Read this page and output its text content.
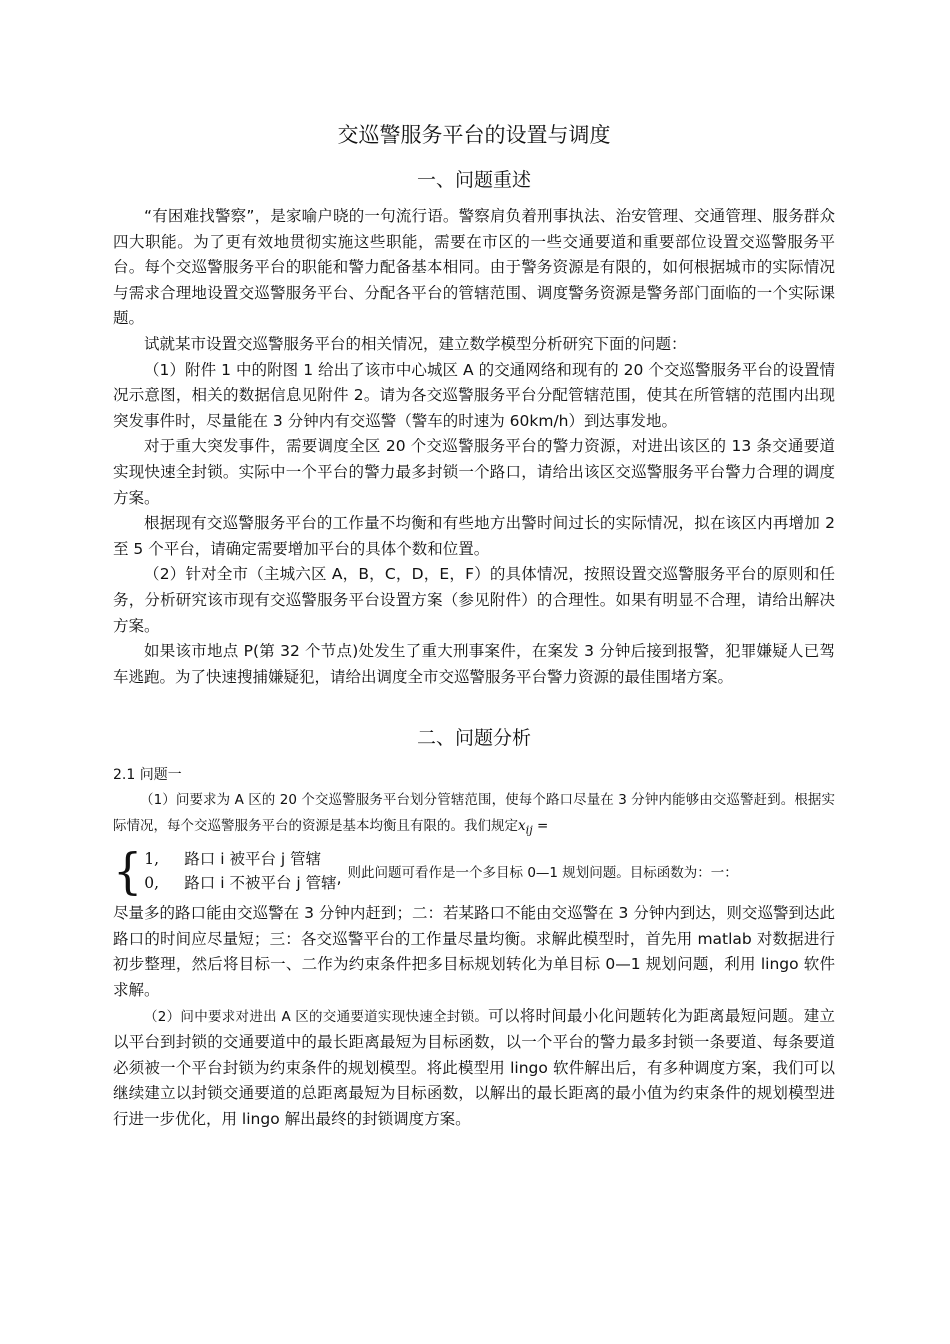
交巡警服务平台的设置与调度
一、问题重述

“有困难找警察”，是家喻户晓的一句流行语。警察肩负着刑事执法、治安管理、交通管理、服务群众四大职能。为了更有效地贯彻实施这些职能，需要在市区的一些交通要道和重要部位设置交巡警服务平台。每个交巡警服务平台的职能和警力配备基本相同。由于警务资源是有限的，如何根据城市的实际情况与需求合理地设置交巡警服务平台、分配各平台的管辖范围、调度警务资源是警务部门面临的一个实际课题。

试就某市设置交巡警服务平台的相关情况，建立数学模型分析研究下面的问题：

（1）附件 1 中的附图 1 给出了该市中心城区 A 的交通网络和现有的 20 个交巡警服务平台的设置情况示意图，相关的数据信息见附件 2。请为各交巡警服务平台分配管辖范围，使其在所管辖的范围内出现突发事件时，尽量能在 3 分钟内有交巡警（警车的时速为 60km/h）到达事发地。

对于重大突发事件，需要调度全区 20 个交巡警服务平台的警力资源，对进出该区的 13 条交通要道实现快速全封锁。实际中一个平台的警力最多封锁一个路口，请给出该区交巡警服务平台警力合理的调度方案。

根据现有交巡警服务平台的工作量不均衡和有些地方出警时间过长的实际情况，拟在该区内再增加 2 至 5 个平台，请确定需要增加平台的具体个数和位置。

（2）针对全市（主城六区 A，B，C，D，E，F）的具体情况，按照设置交巡警服务平台的原则和任务，分析研究该市现有交巡警服务平台设置方案（参见附件）的合理性。如果有明显不合理，请给出解决方案。

如果该市地点 P(第 32 个节点)处发生了重大刑事案件，在案发 3 分钟后接到报警，犯罪嫌疑人已驾车逃跑。为了快速搜捕嫌疑犯，请给出调度全市交巡警服务平台警力资源的最佳围堵方案。

二、问题分析
2.1 问题一

（1）问要求为 A 区的 20 个交巡警服务平台划分管辖范围，使每个路口尽量在 3 分钟内能够由交巡警赶到。根据实际情况，每个交巡警服务平台的资源是基本均衡且有限的。我们规定$x_{ij}$ =

{ 1,	路口 i 被平台 j 管辖
0,	路口 i 不被平台 j 管辖 , 则此问题可看作是一个多目标 0—1 规划问题。目标函数为：一：

尽量多的路口能由交巡警在 3 分钟内赶到；二：若某路口不能由交巡警在 3 分钟内到达，则交巡警到达此路口的时间应尽量短；三：各交巡警平台的工作量尽量均衡。求解此模型时，首先用 matlab 对数据进行初步整理，然后将目标一、二作为约束条件把多目标规划转化为单目标 0—1 规划问题，利用 lingo 软件求解。

（2）问中要求对进出 A 区的交通要道实现快速全封锁。可以将时间最小化问题转化为距离最短问题。建立以平台到封锁的交通要道中的最长距离最短为目标函数，以一个平台的警力最多封锁一条要道、每条要道必须被一个平台封锁为约束条件的规划模型。将此模型用 lingo 软件解出后，有多种调度方案，我们可以继续建立以封锁交通要道的总距离最短为目标函数，以解出的最长距离的最小值为约束条件的规划模型进行进一步优化，用 lingo 解出最终的封锁调度方案。
